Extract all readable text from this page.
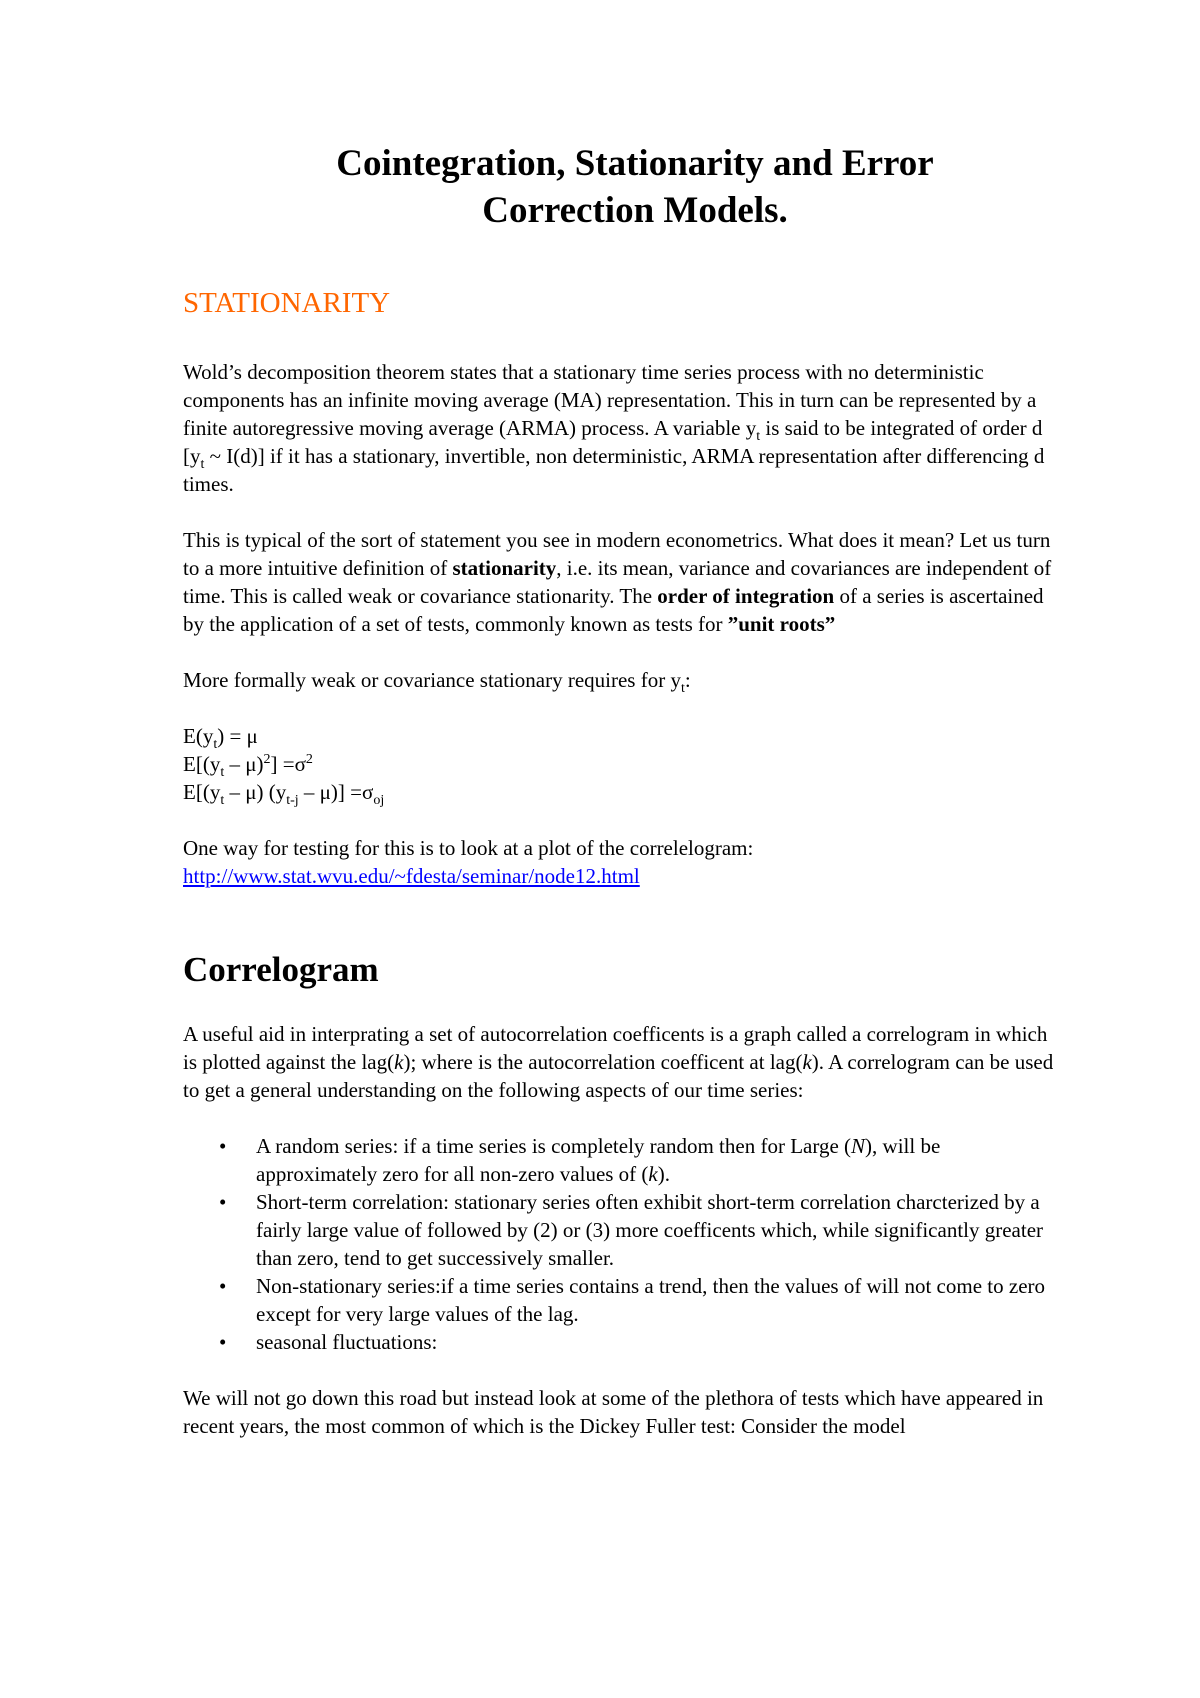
Cointegration, Stationarity and Error
Correction Models.
STATIONARITY

Wold’s decomposition theorem states that a stationary time series process with no deterministic components has an infinite moving average (MA) representation. This in turn can be represented by a finite autoregressive moving average (ARMA) process. A variable $y_t$ is said to be integrated of order d [$y_t$ ~ I(d)] if it has a stationary, invertible, non deterministic, ARMA representation after differencing d times.

This is typical of the sort of statement you see in modern econometrics. What does it mean? Let us turn to a more intuitive definition of stationarity, i.e. its mean, variance and covariances are independent of time. This is called weak or covariance stationarity. The order of integration of a series is ascertained by the application of a set of tests, commonly known as tests for ”unit roots”

More formally weak or covariance stationary requires for $y_t$:

$E(y_t) = \mu$
$E[(y_t - \mu)^2] =\sigma^2$
$E[(y_t - \mu)$ $(y_{t-j} - \mu)] =\sigma_{oj}$

One way for testing for this is to look at a plot of the correlelogram:
http://www.stat.wvu.edu/~fdesta/seminar/node12.html

Correlogram

A useful aid in interprating a set of autocorrelation coefficents is a graph called a correlogram in which is plotted against the lag(k); where is the autocorrelation coefficent at lag(k). A correlogram can be used to get a general understanding on the following aspects of our time series:

• A random series: if a time series is completely random then for Large (N), will be approximately zero for all non-zero values of (k).
• Short-term correlation: stationary series often exhibit short-term correlation charcterized by a fairly large value of followed by (2) or (3) more coefficents which, while significantly greater than zero, tend to get successively smaller.
• Non-stationary series:if a time series contains a trend, then the values of will not come to zero except for very large values of the lag.
• seasonal fluctuations:

We will not go down this road but instead look at some of the plethora of tests which have appeared in recent years, the most common of which is the Dickey Fuller test: Consider the model
